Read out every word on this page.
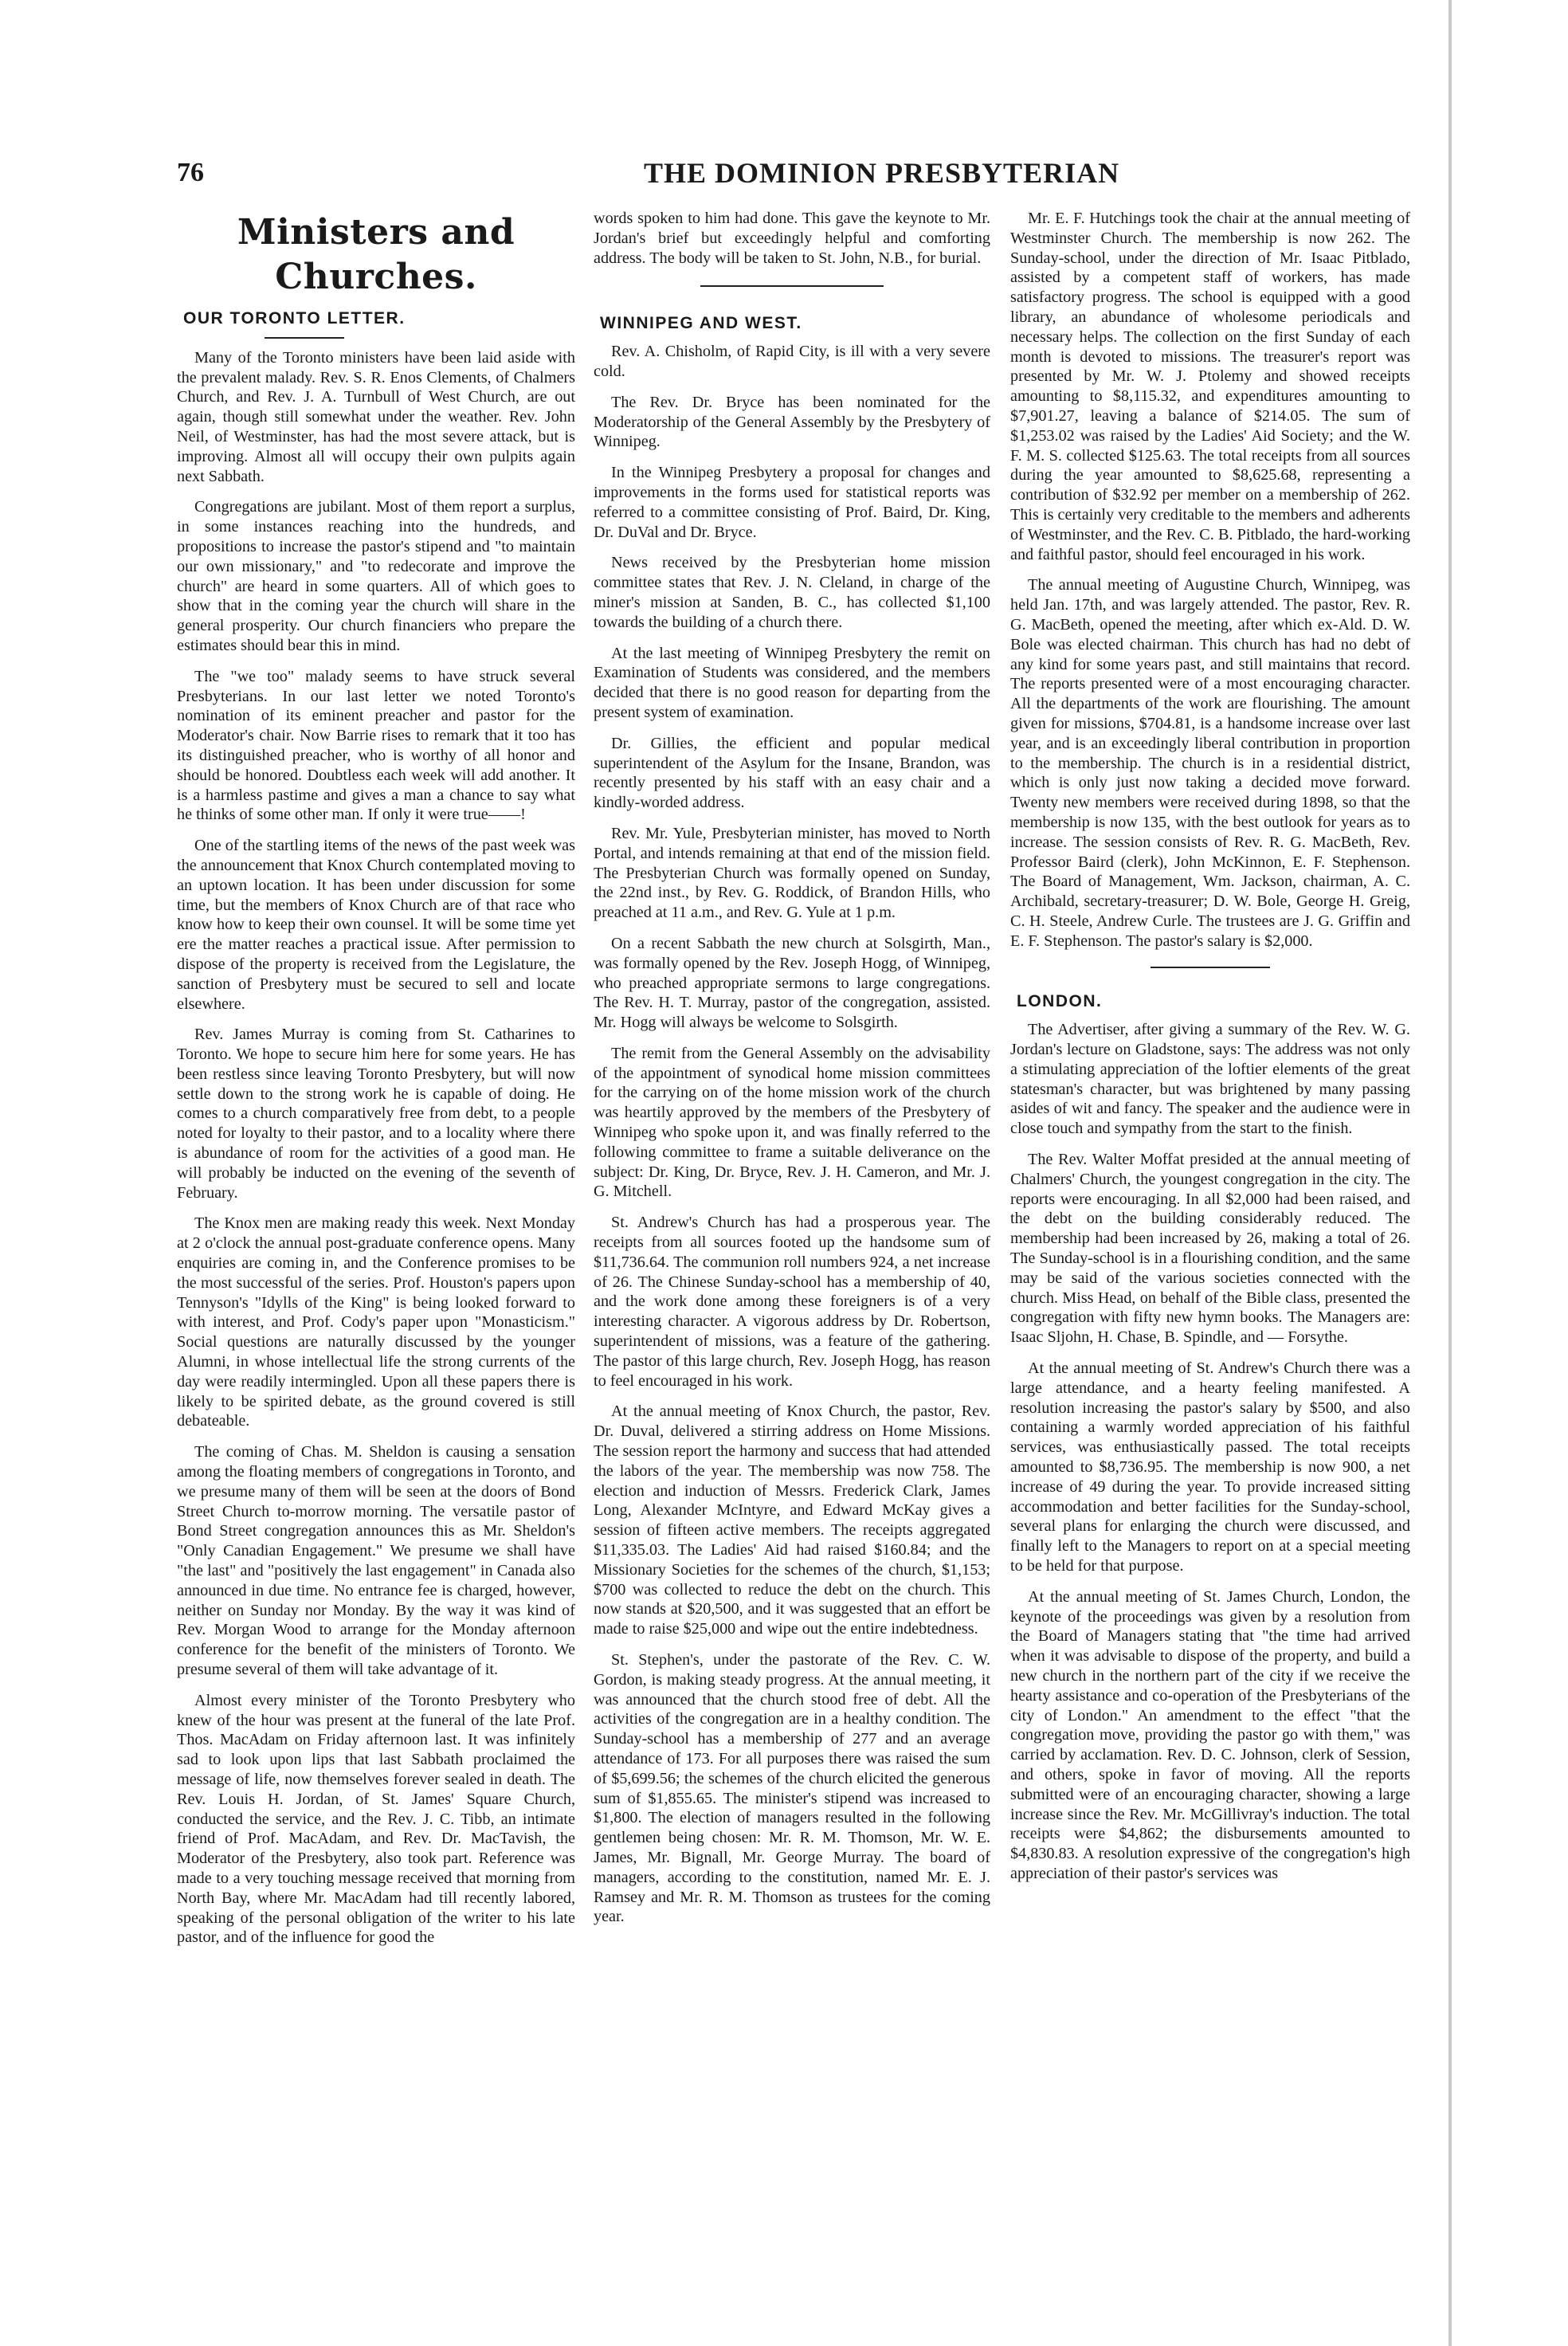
76	THE DOMINION PRESBYTERIAN
Ministers and Churches.
OUR TORONTO LETTER.

Many of the Toronto ministers have been laid aside with the prevalent malady. Rev. S. R. Enos Clements, of Chalmers Church, and Rev. J. A. Turnbull of West Church, are out again, though still somewhat under the weather. Rev. John Neil, of Westminster, has had the most severe attack, but is improving. Almost all will occupy their own pulpits again next Sabbath.

Congregations are jubilant. Most of them report a surplus, in some instances reaching into the hundreds, and propositions to increase the pastor's stipend and "to maintain our own missionary," and "to redecorate and improve the church" are heard in some quarters. All of which goes to show that in the coming year the church will share in the general prosperity. Our church financiers who prepare the estimates should bear this in mind.

The "we too" malady seems to have struck several Presbyterians. In our last letter we noted Toronto's nomination of its eminent preacher and pastor for the Moderator's chair. Now Barrie rises to remark that it too has its distinguished preacher, who is worthy of all honor and should be honored. Doubtless each week will add another. It is a harmless pastime and gives a man a chance to say what he thinks of some other man. If only it were true——!

One of the startling items of the news of the past week was the announcement that Knox Church contemplated moving to an uptown location. It has been under discussion for some time, but the members of Knox Church are of that race who know how to keep their own counsel. It will be some time yet ere the matter reaches a practical issue. After permission to dispose of the property is received from the Legislature, the sanction of Presbytery must be secured to sell and locate elsewhere.

Rev. James Murray is coming from St. Catharines to Toronto. We hope to secure him here for some years. He has been restless since leaving Toronto Presbytery, but will now settle down to the strong work he is capable of doing. He comes to a church comparatively free from debt, to a people noted for loyalty to their pastor, and to a locality where there is abundance of room for the activities of a good man. He will probably be inducted on the evening of the seventh of February.

The Knox men are making ready this week. Next Monday at 2 o'clock the annual post-graduate conference opens. Many enquiries are coming in, and the Conference promises to be the most successful of the series. Prof. Houston's papers upon Tennyson's "Idylls of the King" is being looked forward to with interest, and Prof. Cody's paper upon "Monasticism." Social questions are naturally discussed by the younger Alumni, in whose intellectual life the strong currents of the day were readily intermingled. Upon all these papers there is likely to be spirited debate, as the ground covered is still debateable.

The coming of Chas. M. Sheldon is causing a sensation among the floating members of congregations in Toronto, and we presume many of them will be seen at the doors of Bond Street Church to-morrow morning. The versatile pastor of Bond Street congregation announces this as Mr. Sheldon's "Only Canadian Engagement." We presume we shall have "the last" and "positively the last engagement" in Canada also announced in due time. No entrance fee is charged, however, neither on Sunday nor Monday. By the way it was kind of Rev. Morgan Wood to arrange for the Monday afternoon conference for the benefit of the ministers of Toronto. We presume several of them will take advantage of it.

Almost every minister of the Toronto Presbytery who knew of the hour was present at the funeral of the late Prof. Thos. MacAdam on Friday afternoon last. It was infinitely sad to look upon lips that last Sabbath proclaimed the message of life, now themselves forever sealed in death. The Rev. Louis H. Jordan, of St. James' Square Church, conducted the service, and the Rev. J. C. Tibb, an intimate friend of Prof. MacAdam, and Rev. Dr. MacTavish, the Moderator of the Presbytery, also took part. Reference was made to a very touching message received that morning from North Bay, where Mr. MacAdam had till recently labored, speaking of the personal obligation of the writer to his late pastor, and of the influence for good the

words spoken to him had done. This gave the keynote to Mr. Jordan's brief but exceedingly helpful and comforting address. The body will be taken to St. John, N.B., for burial.

WINNIPEG AND WEST.

Rev. A. Chisholm, of Rapid City, is ill with a very severe cold.

The Rev. Dr. Bryce has been nominated for the Moderatorship of the General Assembly by the Presbytery of Winnipeg.

In the Winnipeg Presbytery a proposal for changes and improvements in the forms used for statistical reports was referred to a committee consisting of Prof. Baird, Dr. King, Dr. DuVal and Dr. Bryce.

News received by the Presbyterian home mission committee states that Rev. J. N. Cleland, in charge of the miner's mission at Sanden, B. C., has collected $1,100 towards the building of a church there.

At the last meeting of Winnipeg Presbytery the remit on Examination of Students was considered, and the members decided that there is no good reason for departing from the present system of examination.

Dr. Gillies, the efficient and popular medical superintendent of the Asylum for the Insane, Brandon, was recently presented by his staff with an easy chair and a kindly-worded address.

Rev. Mr. Yule, Presbyterian minister, has moved to North Portal, and intends remaining at that end of the mission field. The Presbyterian Church was formally opened on Sunday, the 22nd inst., by Rev. G. Roddick, of Brandon Hills, who preached at 11 a.m., and Rev. G. Yule at 1 p.m.

On a recent Sabbath the new church at Solsgirth, Man., was formally opened by the Rev. Joseph Hogg, of Winnipeg, who preached appropriate sermons to large congregations. The Rev. H. T. Murray, pastor of the congregation, assisted. Mr. Hogg will always be welcome to Solsgirth.

The remit from the General Assembly on the advisability of the appointment of synodical home mission committees for the carrying on of the home mission work of the church was heartily approved by the members of the Presbytery of Winnipeg who spoke upon it, and was finally referred to the following committee to frame a suitable deliverance on the subject: Dr. King, Dr. Bryce, Rev. J. H. Cameron, and Mr. J. G. Mitchell.

St. Andrew's Church has had a prosperous year. The receipts from all sources footed up the handsome sum of $11,736.64. The communion roll numbers 924, a net increase of 26. The Chinese Sunday-school has a membership of 40, and the work done among these foreigners is of a very interesting character. A vigorous address by Dr. Robertson, superintendent of missions, was a feature of the gathering. The pastor of this large church, Rev. Joseph Hogg, has reason to feel encouraged in his work.

At the annual meeting of Knox Church, the pastor, Rev. Dr. Duval, delivered a stirring address on Home Missions. The session report the harmony and success that had attended the labors of the year. The membership was now 758. The election and induction of Messrs. Frederick Clark, James Long, Alexander McIntyre, and Edward McKay gives a session of fifteen active members. The receipts aggregated $11,335.03. The Ladies' Aid had raised $160.84; and the Missionary Societies for the schemes of the church, $1,153; $700 was collected to reduce the debt on the church. This now stands at $20,500, and it was suggested that an effort be made to raise $25,000 and wipe out the entire indebtedness.

St. Stephen's, under the pastorate of the Rev. C. W. Gordon, is making steady progress. At the annual meeting, it was announced that the church stood free of debt. All the activities of the congregation are in a healthy condition. The Sunday-school has a membership of 277 and an average attendance of 173. For all purposes there was raised the sum of $5,699.56; the schemes of the church elicited the generous sum of $1,855.65. The minister's stipend was increased to $1,800. The election of managers resulted in the following gentlemen being chosen: Mr. R. M. Thomson, Mr. W. E. James, Mr. Bignall, Mr. George Murray. The board of managers, according to the constitution, named Mr. E. J. Ramsey and Mr. R. M. Thomson as trustees for the coming year.

Mr. E. F. Hutchings took the chair at the annual meeting of Westminster Church. The membership is now 262. The Sunday-school, under the direction of Mr. Isaac Pitblado, assisted by a competent staff of workers, has made satisfactory progress. The school is equipped with a good library, an abundance of wholesome periodicals and necessary helps. The collection on the first Sunday of each month is devoted to missions. The treasurer's report was presented by Mr. W. J. Ptolemy and showed receipts amounting to $8,115.32, and expenditures amounting to $7,901.27, leaving a balance of $214.05. The sum of $1,253.02 was raised by the Ladies' Aid Society; and the W. F. M. S. collected $125.63. The total receipts from all sources during the year amounted to $8,625.68, representing a contribution of $32.92 per member on a membership of 262. This is certainly very creditable to the members and adherents of Westminster, and the Rev. C. B. Pitblado, the hard-working and faithful pastor, should feel encouraged in his work.

The annual meeting of Augustine Church, Winnipeg, was held Jan. 17th, and was largely attended. The pastor, Rev. R. G. MacBeth, opened the meeting, after which ex-Ald. D. W. Bole was elected chairman. This church has had no debt of any kind for some years past, and still maintains that record. The reports presented were of a most encouraging character. All the departments of the work are flourishing. The amount given for missions, $704.81, is a handsome increase over last year, and is an exceedingly liberal contribution in proportion to the membership. The church is in a residential district, which is only just now taking a decided move forward. Twenty new members were received during 1898, so that the membership is now 135, with the best outlook for years as to increase. The session consists of Rev. R. G. MacBeth, Rev. Professor Baird (clerk), John McKinnon, E. F. Stephenson. The Board of Management, Wm. Jackson, chairman, A. C. Archibald, secretary-treasurer; D. W. Bole, George H. Greig, C. H. Steele, Andrew Curle. The trustees are J. G. Griffin and E. F. Stephenson. The pastor's salary is $2,000.

LONDON.

The Advertiser, after giving a summary of the Rev. W. G. Jordan's lecture on Gladstone, says: The address was not only a stimulating appreciation of the loftier elements of the great statesman's character, but was brightened by many passing asides of wit and fancy. The speaker and the audience were in close touch and sympathy from the start to the finish.

The Rev. Walter Moffat presided at the annual meeting of Chalmers' Church, the youngest congregation in the city. The reports were encouraging. In all $2,000 had been raised, and the debt on the building considerably reduced. The membership had been increased by 26, making a total of 26. The Sunday-school is in a flourishing condition, and the same may be said of the various societies connected with the church. Miss Head, on behalf of the Bible class, presented the congregation with fifty new hymn books. The Managers are: Isaac Sljohn, H. Chase, B. Spindle, and — Forsythe.

At the annual meeting of St. Andrew's Church there was a large attendance, and a hearty feeling manifested. A resolution increasing the pastor's salary by $500, and also containing a warmly worded appreciation of his faithful services, was enthusiastically passed. The total receipts amounted to $8,736.95. The membership is now 900, a net increase of 49 during the year. To provide increased sitting accommodation and better facilities for the Sunday-school, several plans for enlarging the church were discussed, and finally left to the Managers to report on at a special meeting to be held for that purpose.

At the annual meeting of St. James Church, London, the keynote of the proceedings was given by a resolution from the Board of Managers stating that "the time had arrived when it was advisable to dispose of the property, and build a new church in the northern part of the city if we receive the hearty assistance and co-operation of the Presbyterians of the city of London." An amendment to the effect "that the congregation move, providing the pastor go with them," was carried by acclamation. Rev. D. C. Johnson, clerk of Session, and others, spoke in favor of moving. All the reports submitted were of an encouraging character, showing a large increase since the Rev. Mr. McGillivray's induction. The total receipts were $4,862; the disbursements amounted to $4,830.83. A resolution expressive of the congregation's high appreciation of their pastor's services was
